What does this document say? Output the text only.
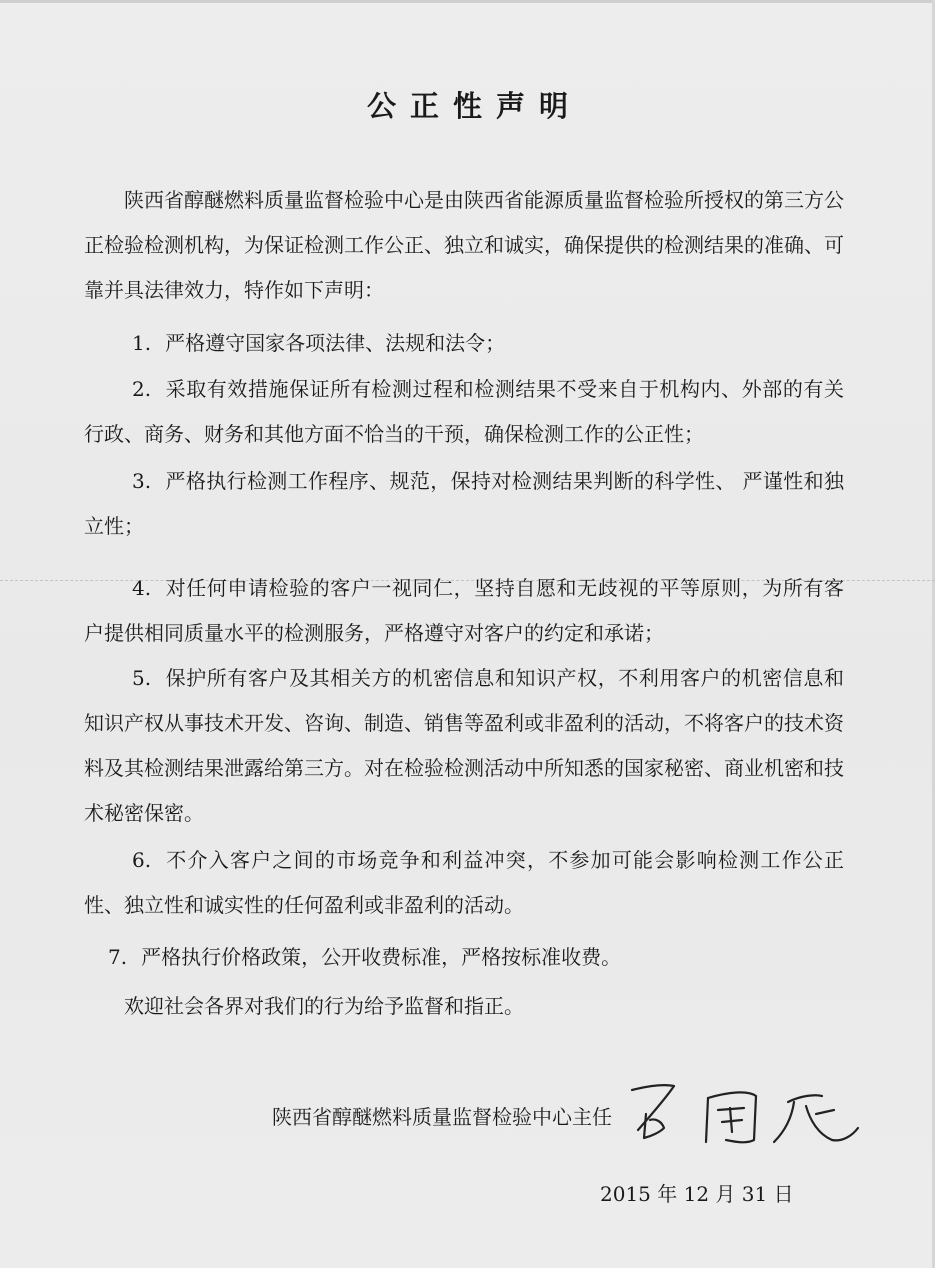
公正性声明
陕西省醇醚燃料质量监督检验中心是由陕西省能源质量监督检验所授权的第三方公正检验检测机构，为保证检测工作公正、独立和诚实，确保提供的检测结果的准确、可靠并具法律效力，特作如下声明：
1. 严格遵守国家各项法律、法规和法令；
2. 采取有效措施保证所有检测过程和检测结果不受来自于机构内、外部的有关行政、商务、财务和其他方面不恰当的干预，确保检测工作的公正性；
3. 严格执行检测工作程序、规范，保持对检测结果判断的科学性、 严谨性和独立性；
4. 对任何申请检验的客户一视同仁，坚持自愿和无歧视的平等原则，为所有客户提供相同质量水平的检测服务，严格遵守对客户的约定和承诺；
5. 保护所有客户及其相关方的机密信息和知识产权，不利用客户的机密信息和知识产权从事技术开发、咨询、制造、销售等盈利或非盈利的活动，不将客户的技术资料及其检测结果泄露给第三方。对在检验检测活动中所知悉的国家秘密、商业机密和技术秘密保密。
6. 不介入客户之间的市场竞争和利益冲突，不参加可能会影响检测工作公正性、独立性和诚实性的任何盈利或非盈利的活动。
7. 严格执行价格政策，公开收费标准，严格按标准收费。
欢迎社会各界对我们的行为给予监督和指正。
陕西省醇醚燃料质量监督检验中心主任
2015 年 12 月 31 日
